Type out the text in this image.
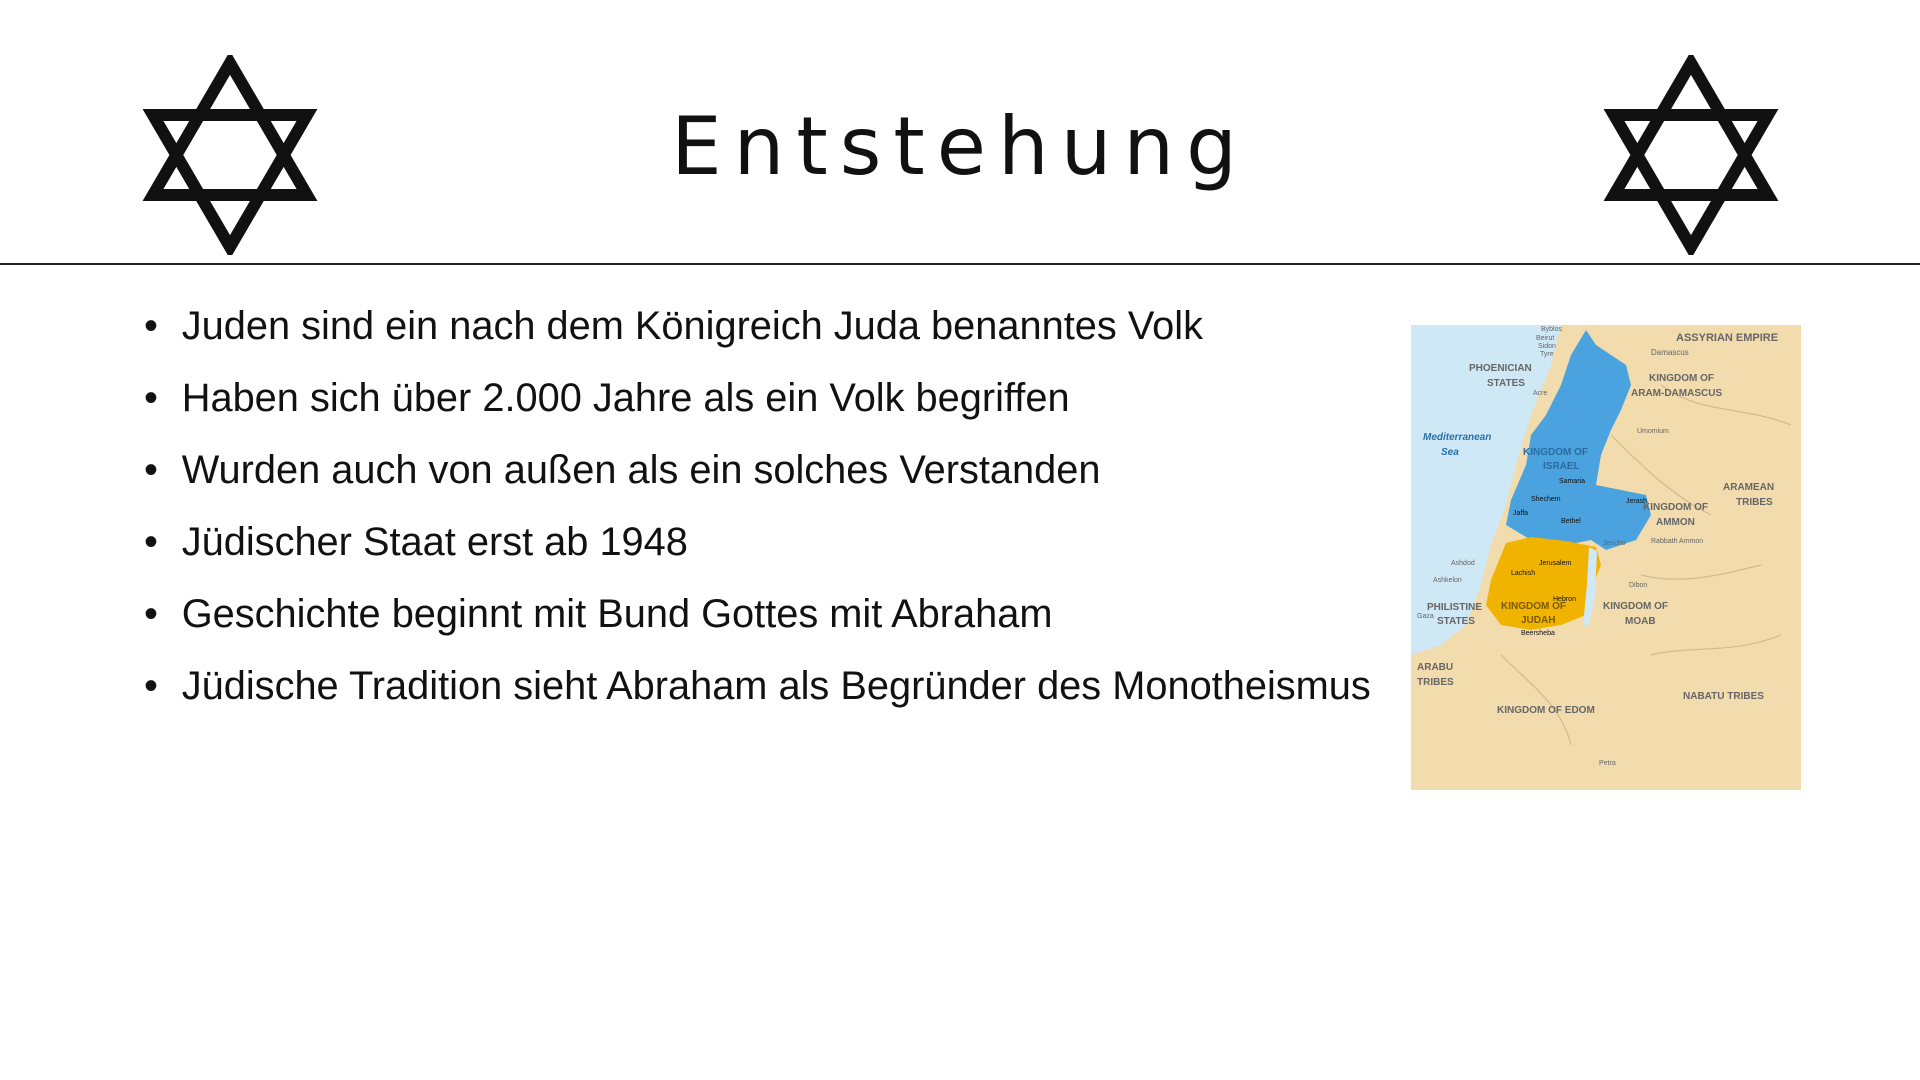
Entstehung
• Juden sind ein nach dem Königreich Juda benanntes Volk
• Haben sich über 2.000 Jahre als ein Volk begriffen
• Wurden auch von außen als ein solches Verstanden
• Jüdischer Staat erst ab 1948
• Geschichte beginnt mit Bund Gottes mit Abraham
• Jüdische Tradition sieht Abraham als Begründer des Monotheismus
ASSYRIAN EMPIRE
Damascus
Byblos
Beirut
Sidon
Tyre
Acre
PHOENICIAN
STATES	KINGDOM OF
ARAM-DAMASCUS
Umomium
Mediterranean
Sea	KINGDOM OF
ISRAEL
Samaria
ARAMEAN
TRIBES
Shechem	Jerash
KINGDOM OF
AMMON
Jaffa
Bethel
Jericho	Rabbath Ammon
Ashdod	Jerusalem
Lachish
Ashkelon
Dibon
Hebron
PHILISTINE
STATES
KINGDOM OF
JUDAH
KINGDOM OF
MOAB
Gaza
Beersheba
ARABU
TRIBES
NABATU TRIBES
KINGDOM OF EDOM
Petra
